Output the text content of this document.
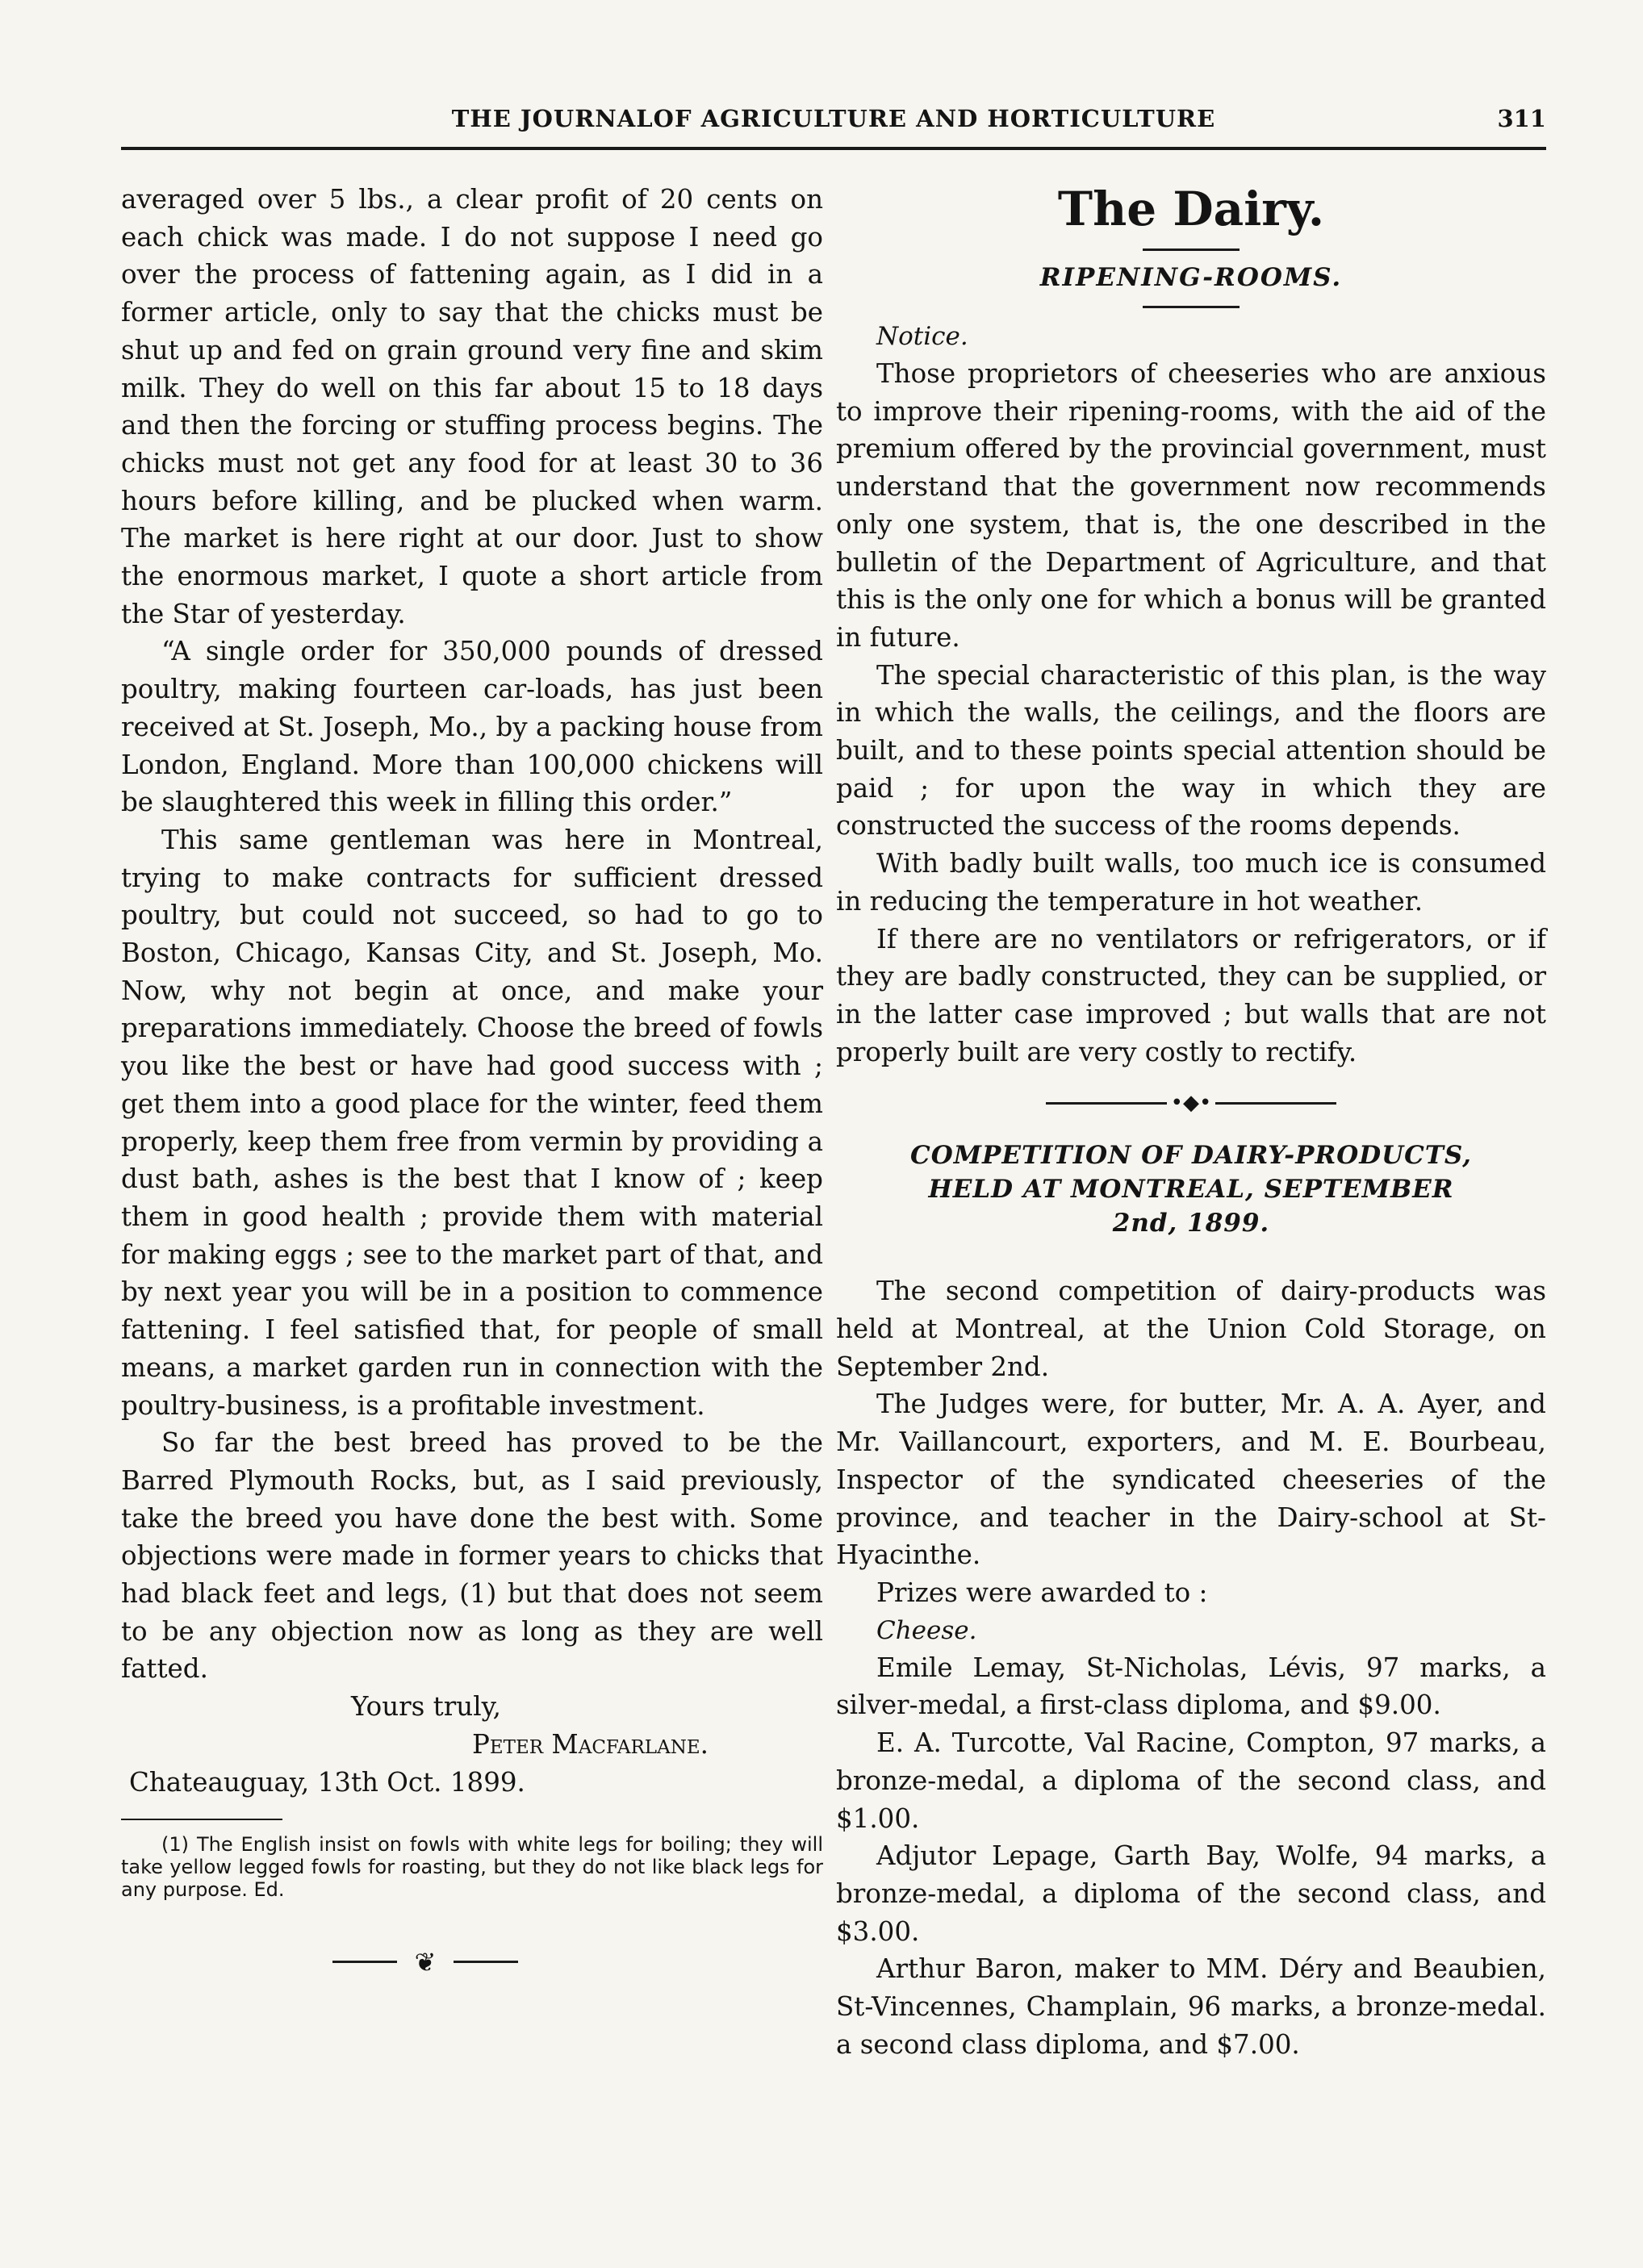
THE JOURNALOF AGRICULTURE AND HORTICULTURE	311

averaged over 5 lbs., a clear profit of 20 cents on each chick was made. I do not suppose I need go over the process of fattening again, as I did in a former article, only to say that the chicks must be shut up and fed on grain ground very fine and skim milk. They do well on this far about 15 to 18 days and then the forcing or stuffing process begins. The chicks must not get any food for at least 30 to 36 hours before killing, and be plucked when warm. The market is here right at our door. Just to show the enormous market, I quote a short article from the Star of yesterday.

“A single order for 350,000 pounds of dressed poultry, making fourteen car-loads, has just been received at St. Joseph, Mo., by a packing house from London, England. More than 100,000 chickens will be slaughtered this week in filling this order.”

This same gentleman was here in Montreal, trying to make contracts for sufficient dressed poultry, but could not succeed, so had to go to Boston, Chicago, Kansas City, and St. Joseph, Mo. Now, why not begin at once, and make your preparations immediately. Choose the breed of fowls you like the best or have had good success with ; get them into a good place for the winter, feed them properly, keep them free from vermin by providing a dust bath, ashes is the best that I know of ; keep them in good health ; provide them with material for making eggs ; see to the market part of that, and by next year you will be in a position to commence fattening. I feel satisfied that, for people of small means, a market garden run in connection with the poultry-business, is a profitable investment.

So far the best breed has proved to be the Barred Plymouth Rocks, but, as I said previously, take the breed you have done the best with. Some objections were made in former years to chicks that had black feet and legs, (1) but that does not seem to be any objection now as long as they are well fatted.

Yours truly,

Peter Macfarlane.

Chateauguay, 13th Oct. 1899.

(1) The English insist on fowls with white legs for boiling; they will take yellow legged fowls for roasting, but they do not like black legs for any purpose. Ed.

❦
The Dairy.
RIPENING-ROOMS.

Notice.

Those proprietors of cheeseries who are anxious to improve their ripening-rooms, with the aid of the premium offered by the provincial government, must understand that the government now recommends only one system, that is, the one described in the bulletin of the Department of Agriculture, and that this is the only one for which a bonus will be granted in future.

The special characteristic of this plan, is the way in which the walls, the ceilings, and the floors are built, and to these points special attention should be paid ; for upon the way in which they are constructed the success of the rooms depends.

With badly built walls, too much ice is consumed in reducing the temperature in hot weather.

If there are no ventilators or refrigerators, or if they are badly constructed, they can be supplied, or in the latter case improved ; but walls that are not properly built are very costly to rectify.

•◆•
COMPETITION OF DAIRY-PRODUCTS,
HELD AT MONTREAL, SEPTEMBER
2nd, 1899.

The second competition of dairy-products was held at Montreal, at the Union Cold Storage, on September 2nd.

The Judges were, for butter, Mr. A. A. Ayer, and Mr. Vaillancourt, exporters, and M. E. Bourbeau, Inspector of the syndicated cheeseries of the province, and teacher in the Dairy-school at St-Hyacinthe.

Prizes were awarded to :

Cheese.

Emile Lemay, St-Nicholas, Lévis, 97 marks, a silver-medal, a first-class diploma, and $9.00.

E. A. Turcotte, Val Racine, Compton, 97 marks, a bronze-medal, a diploma of the second class, and $1.00.

Adjutor Lepage, Garth Bay, Wolfe, 94 marks, a bronze-medal, a diploma of the second class, and $3.00.

Arthur Baron, maker to MM. Déry and Beaubien, St-Vincennes, Champlain, 96 marks, a bronze-medal. a second class diploma, and $7.00.
